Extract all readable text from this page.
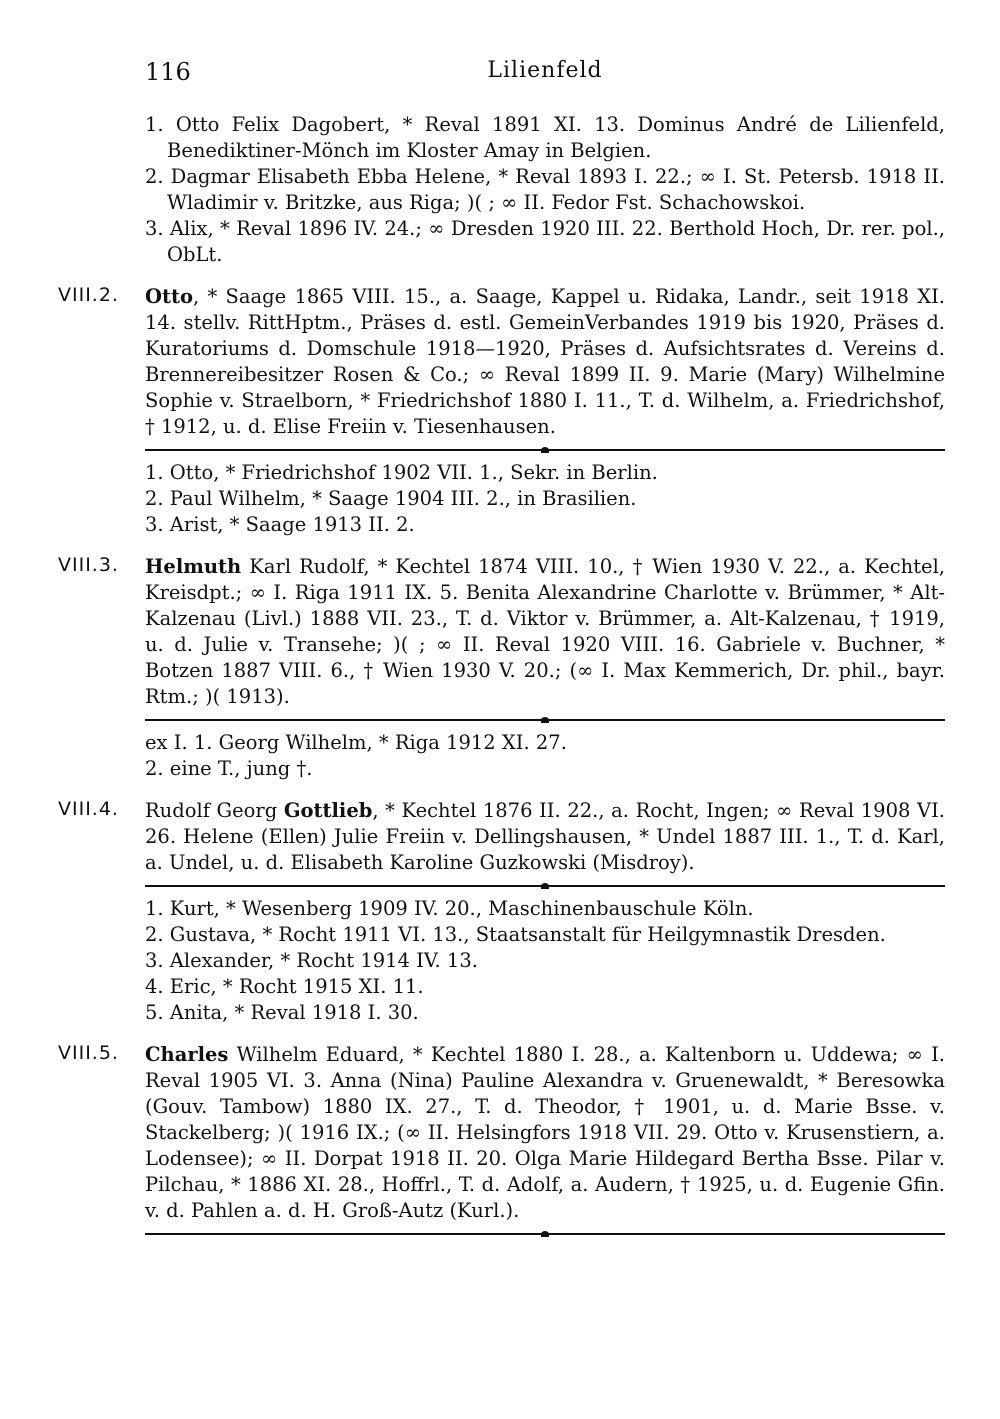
116	Lilienfeld
1. Otto Felix Dagobert, * Reval 1891 XI. 13. Dominus André de Lilienfeld, Benediktiner-Mönch im Kloster Amay in Belgien.
2. Dagmar Elisabeth Ebba Helene, * Reval 1893 I. 22.; ∞ I. St. Petersb. 1918 II. Wladimir v. Britzke, aus Riga; )( ; ∞ II. Fedor Fst. Schachowskoi.
3. Alix, * Reval 1896 IV. 24.; ∞ Dresden 1920 III. 22. Berthold Hoch, Dr. rer. pol., ObLt.
VIII.2.	Otto, * Saage 1865 VIII. 15., a. Saage, Kappel u. Ridaka, Landr., seit 1918 XI. 14. stellv. RittHptm., Präses d. estl. GemeinVerbandes 1919 bis 1920, Präses d. Kuratoriums d. Domschule 1918—1920, Präses d. Aufsichtsrates d. Vereins d. Brennereibesitzer Rosen & Co.; ∞ Reval 1899 II. 9. Marie (Mary) Wilhelmine Sophie v. Straelborn, * Friedrichshof 1880 I. 11., T. d. Wilhelm, a. Friedrichshof, † 1912, u. d. Elise Freiin v. Tiesenhausen.
1. Otto, * Friedrichshof 1902 VII. 1., Sekr. in Berlin.
2. Paul Wilhelm, * Saage 1904 III. 2., in Brasilien.
3. Arist, * Saage 1913 II. 2.
VIII.3.	Helmuth Karl Rudolf, * Kechtel 1874 VIII. 10., † Wien 1930 V. 22., a. Kechtel, Kreisdpt.; ∞ I. Riga 1911 IX. 5. Benita Alexandrine Charlotte v. Brümmer, * Alt-Kalzenau (Livl.) 1888 VII. 23., T. d. Viktor v. Brümmer, a. Alt-Kalzenau, † 1919, u. d. Julie v. Transehe; )( ; ∞ II. Reval 1920 VIII. 16. Gabriele v. Buchner, * Botzen 1887 VIII. 6., † Wien 1930 V. 20.; (∞ I. Max Kemmerich, Dr. phil., bayr. Rtm.; )( 1913).
ex I. 1. Georg Wilhelm, * Riga 1912 XI. 27.
2. eine T., jung †.
VIII.4.	Rudolf Georg Gottlieb, * Kechtel 1876 II. 22., a. Rocht, Ingen; ∞ Reval 1908 VI. 26. Helene (Ellen) Julie Freiin v. Dellingshausen, * Undel 1887 III. 1., T. d. Karl, a. Undel, u. d. Elisabeth Karoline Guzkowski (Misdroy).
1. Kurt, * Wesenberg 1909 IV. 20., Maschinenbauschule Köln.
2. Gustava, * Rocht 1911 VI. 13., Staatsanstalt für Heilgymnastik Dresden.
3. Alexander, * Rocht 1914 IV. 13.
4. Eric, * Rocht 1915 XI. 11.
5. Anita, * Reval 1918 I. 30.
VIII.5.	Charles Wilhelm Eduard, * Kechtel 1880 I. 28., a. Kaltenborn u. Uddewa; ∞ I. Reval 1905 VI. 3. Anna (Nina) Pauline Alexandra v. Gruenewaldt, * Beresowka (Gouv. Tambow) 1880 IX. 27., T. d. Theodor, † 1901, u. d. Marie Bsse. v. Stackelberg; )( 1916 IX.; (∞ II. Helsingfors 1918 VII. 29. Otto v. Krusenstiern, a. Lodensee); ∞ II. Dorpat 1918 II. 20. Olga Marie Hildegard Bertha Bsse. Pilar v. Pilchau, * 1886 XI. 28., Hoffrl., T. d. Adolf, a. Audern, † 1925, u. d. Eugenie Gfin. v. d. Pahlen a. d. H. Groß-Autz (Kurl.).
